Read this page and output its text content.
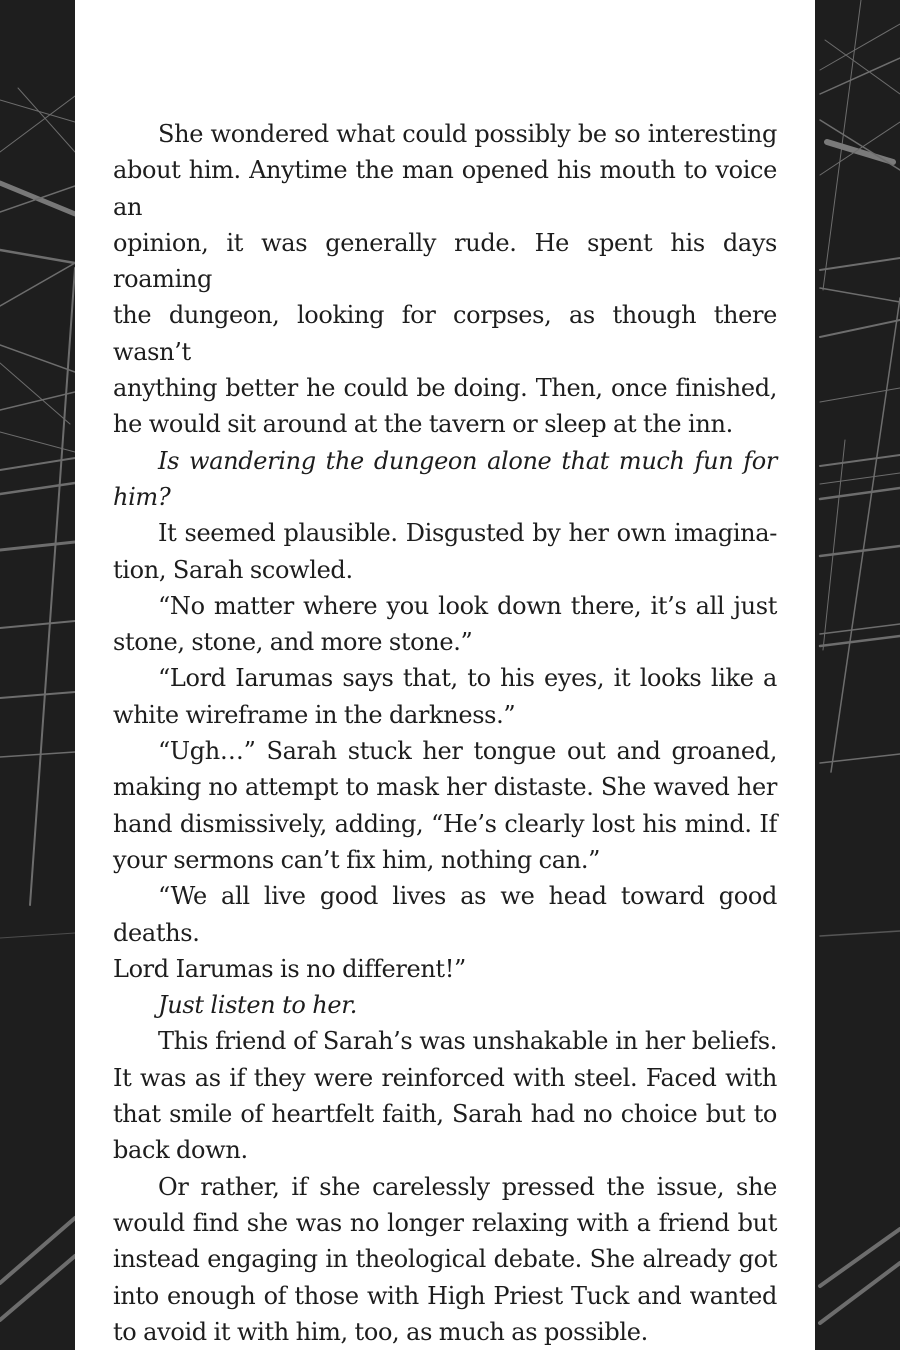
She wondered what could possibly be so interesting
about him. Anytime the man opened his mouth to voice an
opinion, it was generally rude. He spent his days roaming
the dungeon, looking for corpses, as though there wasn’t
anything better he could be doing. Then, once finished,
he would sit around at the tavern or sleep at the inn.
Is wandering the dungeon alone that much fun for
him?
It seemed plausible. Disgusted by her own imagina-
tion, Sarah scowled.
“No matter where you look down there, it’s all just
stone, stone, and more stone.”
“Lord Iarumas says that, to his eyes, it looks like a
white wireframe in the darkness.”
“Ugh…” Sarah stuck her tongue out and groaned,
making no attempt to mask her distaste. She waved her
hand dismissively, adding, “He’s clearly lost his mind. If
your sermons can’t fix him, nothing can.”
“We all live good lives as we head toward good deaths.
Lord Iarumas is no different!”
Just listen to her.
This friend of Sarah’s was unshakable in her beliefs.
It was as if they were reinforced with steel. Faced with
that smile of heartfelt faith, Sarah had no choice but to
back down.
Or rather, if she carelessly pressed the issue, she
would find she was no longer relaxing with a friend but
instead engaging in theological debate. She already got
into enough of those with High Priest Tuck and wanted
to avoid it with him, too, as much as possible.
